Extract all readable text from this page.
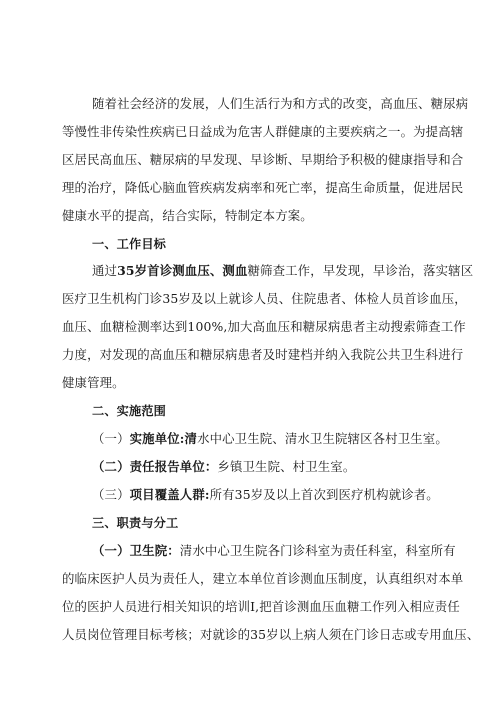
随着社会经济的发展，人们生活行为和方式的改变，高血压、糖尿病
等慢性非传染性疾病已日益成为危害人群健康的主要疾病之一。为提高辖
区居民高血压、糖尿病的早发现、早诊断、早期给予积极的健康指导和合
理的治疗，降低心脑血管疾病发病率和死亡率，提高生命质量，促进居民
健康水平的提高，结合实际，特制定本方案。
一、工作目标
通过35岁首诊测血压、测血糖筛查工作，早发现，早诊治，落实辖区
医疗卫生机构门诊35岁及以上就诊人员、住院患者、体检人员首诊血压，
血压、血糖检测率达到100%,加大高血压和糖尿病患者主动搜索筛查工作
力度，对发现的高血压和糖尿病患者及时建档并纳入我院公共卫生科进行
健康管理。
二、实施范围
（一）实施单位:清水中心卫生院、清水卫生院辖区各村卫生室。
（二）责任报告单位：乡镇卫生院、村卫生室。
（三）项目覆盖人群:所有35岁及以上首次到医疗机构就诊者。
三、职责与分工
（一）卫生院：清水中心卫生院各门诊科室为责任科室，科室所有
的临床医护人员为责任人，建立本单位首诊测血压制度，认真组织对本单
位的医护人员进行相关知识的培训I,把首诊测血压血糖工作列入相应责任
人员岗位管理目标考核；对就诊的35岁以上病人须在门诊日志或专用血压、
